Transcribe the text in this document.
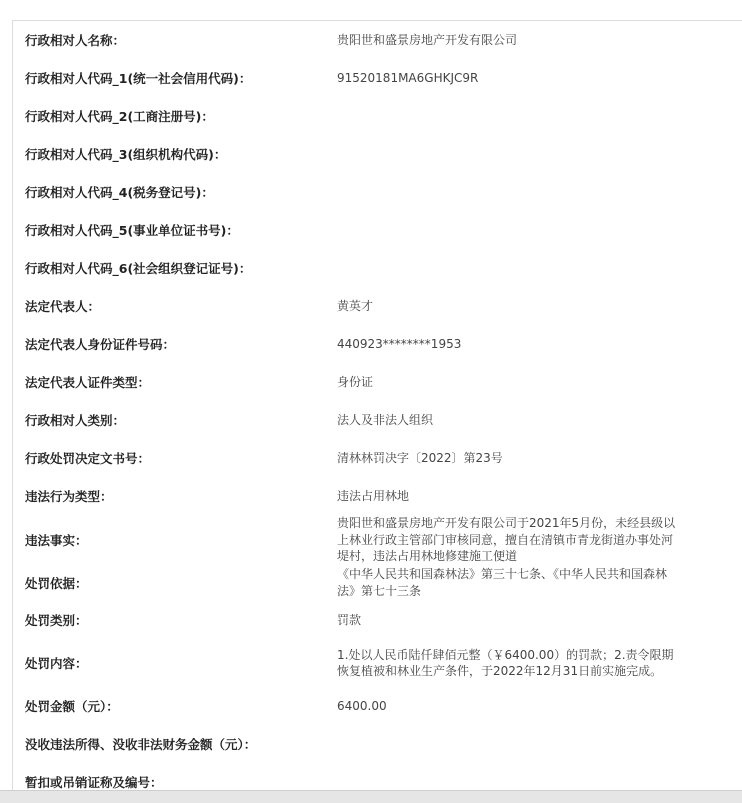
行政相对人名称：	贵阳世和盛景房地产开发有限公司
行政相对人代码_1(统一社会信用代码)：	91520181MA6GHKJC9R
行政相对人代码_2(工商注册号)：
行政相对人代码_3(组织机构代码)：
行政相对人代码_4(税务登记号)：
行政相对人代码_5(事业单位证书号)：
行政相对人代码_6(社会组织登记证号)：
法定代表人：	黄英才
法定代表人身份证件号码：	440923********1953
法定代表人证件类型：	身份证
行政相对人类别：	法人及非法人组织
行政处罚决定文书号：	清林林罚决字〔2022〕第23号
违法行为类型：	违法占用林地
违法事实：
贵阳世和盛景房地产开发有限公司于2021年5月份，未经县级以上林业行政主管部门审核同意，擅自在清镇市青龙街道办事处河堤村，违法占用林地修建施工便道
处罚依据：
《中华人民共和国森林法》第三十七条、《中华人民共和国森林法》第七十三条
处罚类别：	罚款
处罚内容：
1.处以人民币陆仟肆佰元整（￥6400.00）的罚款；2.责令限期恢复植被和林业生产条件，于2022年12月31日前实施完成。
处罚金额（元）：	6400.00
没收违法所得、没收非法财务金额（元）：
暂扣或吊销证称及编号：
